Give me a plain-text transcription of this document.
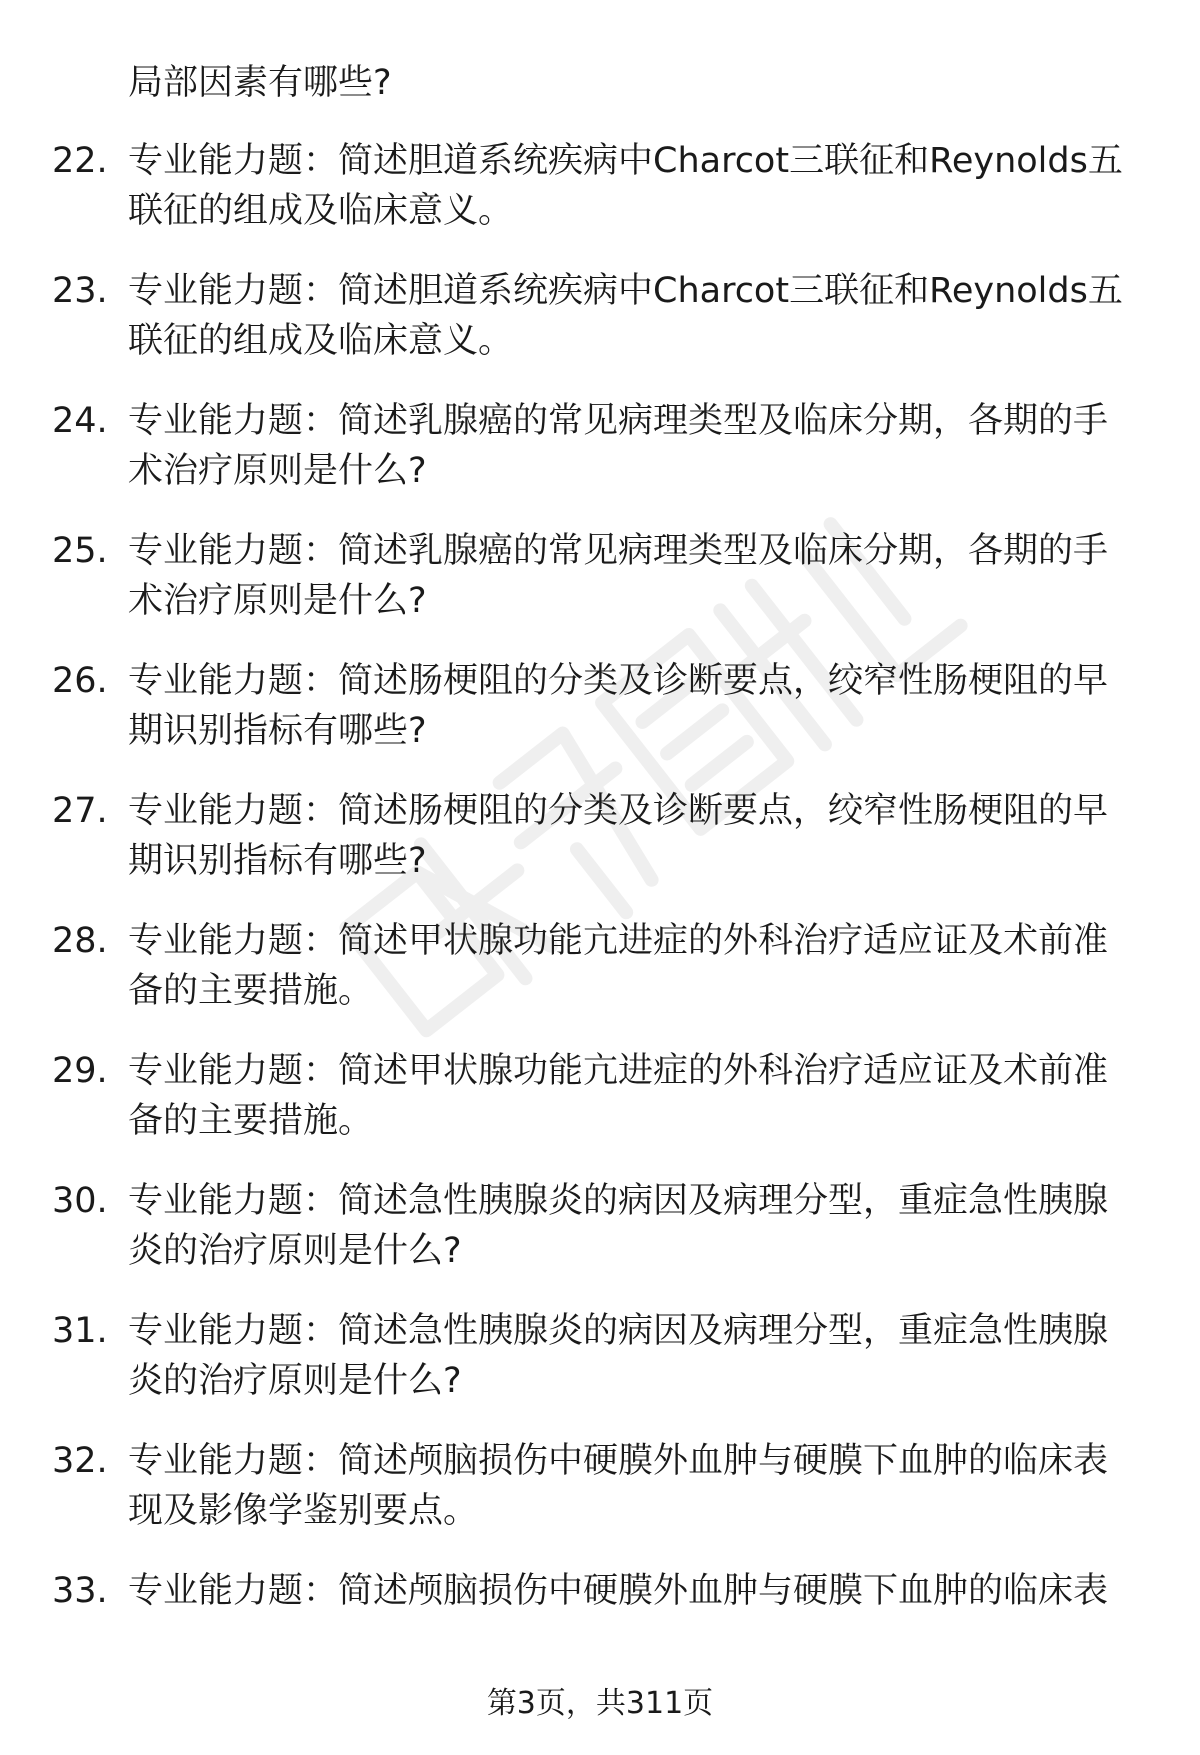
局部因素有哪些?
22. 专业能力题：简述胆道系统疾病中Charcot三联征和Reynolds五
联征的组成及临床意义。
23. 专业能力题：简述胆道系统疾病中Charcot三联征和Reynolds五
联征的组成及临床意义。
24. 专业能力题：简述乳腺癌的常见病理类型及临床分期，各期的手
术治疗原则是什么?
25. 专业能力题：简述乳腺癌的常见病理类型及临床分期，各期的手
术治疗原则是什么?
26. 专业能力题：简述肠梗阻的分类及诊断要点，绞窄性肠梗阻的早
期识别指标有哪些?
27. 专业能力题：简述肠梗阻的分类及诊断要点，绞窄性肠梗阻的早
期识别指标有哪些?
28. 专业能力题：简述甲状腺功能亢进症的外科治疗适应证及术前准
备的主要措施。
29. 专业能力题：简述甲状腺功能亢进症的外科治疗适应证及术前准
备的主要措施。
30. 专业能力题：简述急性胰腺炎的病因及病理分型，重症急性胰腺
炎的治疗原则是什么?
31. 专业能力题：简述急性胰腺炎的病因及病理分型，重症急性胰腺
炎的治疗原则是什么?
32. 专业能力题：简述颅脑损伤中硬膜外血肿与硬膜下血肿的临床表
现及影像学鉴别要点。
33. 专业能力题：简述颅脑损伤中硬膜外血肿与硬膜下血肿的临床表
第3页，共311页
